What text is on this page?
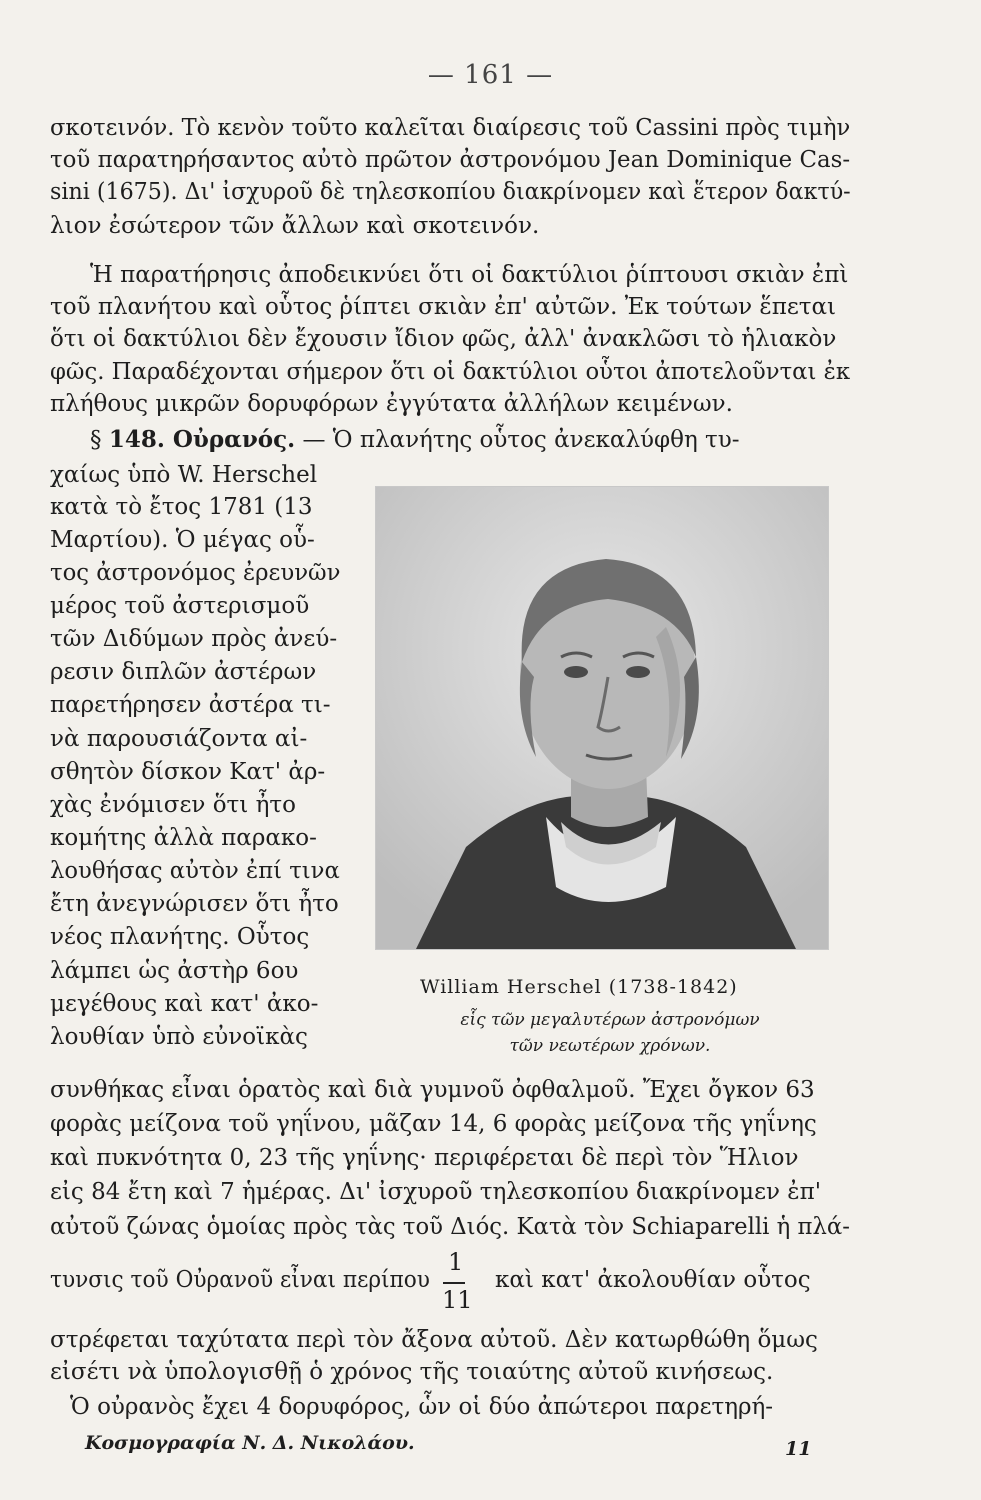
— 161 —
σκοτεινόν. Τὸ κενὸν τοῦτο καλεῖται διαίρεσις τοῦ Cassini πρὸς τιμὴν
τοῦ παρατηρήσαντος αὐτὸ πρῶτον ἀστρονόμου Jean Dominique Cas-
sini (1675). Δι' ἰσχυροῦ δὲ τηλεσκοπίου διακρίνομεν καὶ ἕτερον δακτύ-
λιον ἐσώτερον τῶν ἄλλων καὶ σκοτεινόν.
Ἡ παρατήρησις ἀποδεικνύει ὅτι οἱ δακτύλιοι ῥίπτουσι σκιὰν ἐπὶ
τοῦ πλανήτου καὶ οὗτος ῥίπτει σκιὰν ἐπ' αὐτῶν. Ἐκ τούτων ἕπεται
ὅτι οἱ δακτύλιοι δὲν ἔχουσιν ἴδιον φῶς, ἀλλ' ἀνακλῶσι τὸ ἡλιακὸν
φῶς. Παραδέχονται σήμερον ὅτι οἱ δακτύλιοι οὗτοι ἀποτελοῦνται ἐκ
πλήθους μικρῶν δορυφόρων ἐγγύτατα ἀλλήλων κειμένων.
§ 148. Οὐρανός. — Ὁ πλανήτης οὗτος ἀνεκαλύφθη τυ-
χαίως ὑπὸ W. Herschel
κατὰ τὸ ἔτος 1781 (13
Μαρτίου). Ὁ μέγας οὗ-
τος ἀστρονόμος ἐρευνῶν
μέρος τοῦ ἀστερισμοῦ
τῶν Διδύμων πρὸς ἀνεύ-
ρεσιν διπλῶν ἀστέρων
παρετήρησεν ἀστέρα τι-
νὰ παρουσιάζοντα αἰ-
σθητὸν δίσκον Κατ' ἀρ-
χὰς ἐνόμισεν ὅτι ἦτο
κομήτης ἀλλὰ παρακο-
λουθήσας αὐτὸν ἐπί τινα
ἔτη ἀνεγνώρισεν ὅτι ἦτο
νέος πλανήτης. Οὗτος
λάμπει ὡς ἀστὴρ 6ου
μεγέθους καὶ κατ' ἀκο-
λουθίαν ὑπὸ εὐνοϊκὰς
William Herschel (1738-1842)
εἷς τῶν μεγαλυτέρων ἀστρονόμων
τῶν νεωτέρων χρόνων.
συνθήκας εἶναι ὁρατὸς καὶ διὰ γυμνοῦ ὀφθαλμοῦ. Ἔχει ὄγκον 63
φορὰς μείζονα τοῦ γηΐνου, μᾶζαν 14, 6 φορὰς μείζονα τῆς γηΐνης
καὶ πυκνότητα 0, 23 τῆς γηΐνης· περιφέρεται δὲ περὶ τὸν Ἥλιον
εἰς 84 ἔτη καὶ 7 ἡμέρας. Δι' ἰσχυροῦ τηλεσκοπίου διακρίνομεν ἐπ'
αὐτοῦ ζώνας ὁμοίας πρὸς τὰς τοῦ Διός. Κατὰ τὸν Schiaparelli ἡ πλά-
τυνσις τοῦ Οὐρανοῦ εἶναι περίπου
1
11
καὶ κατ' ἀκολουθίαν οὗτος
στρέφεται ταχύτατα περὶ τὸν ἄξονα αὐτοῦ. Δὲν κατωρθώθη ὅμως
εἰσέτι νὰ ὑπολογισθῇ ὁ χρόνος τῆς τοιαύτης αὐτοῦ κινήσεως.
Ὁ οὐρανὸς ἔχει 4 δορυφόρος, ὧν οἱ δύο ἀπώτεροι παρετηρή-
Κοσμογραφία Ν. Δ. Νικολάου.	11
